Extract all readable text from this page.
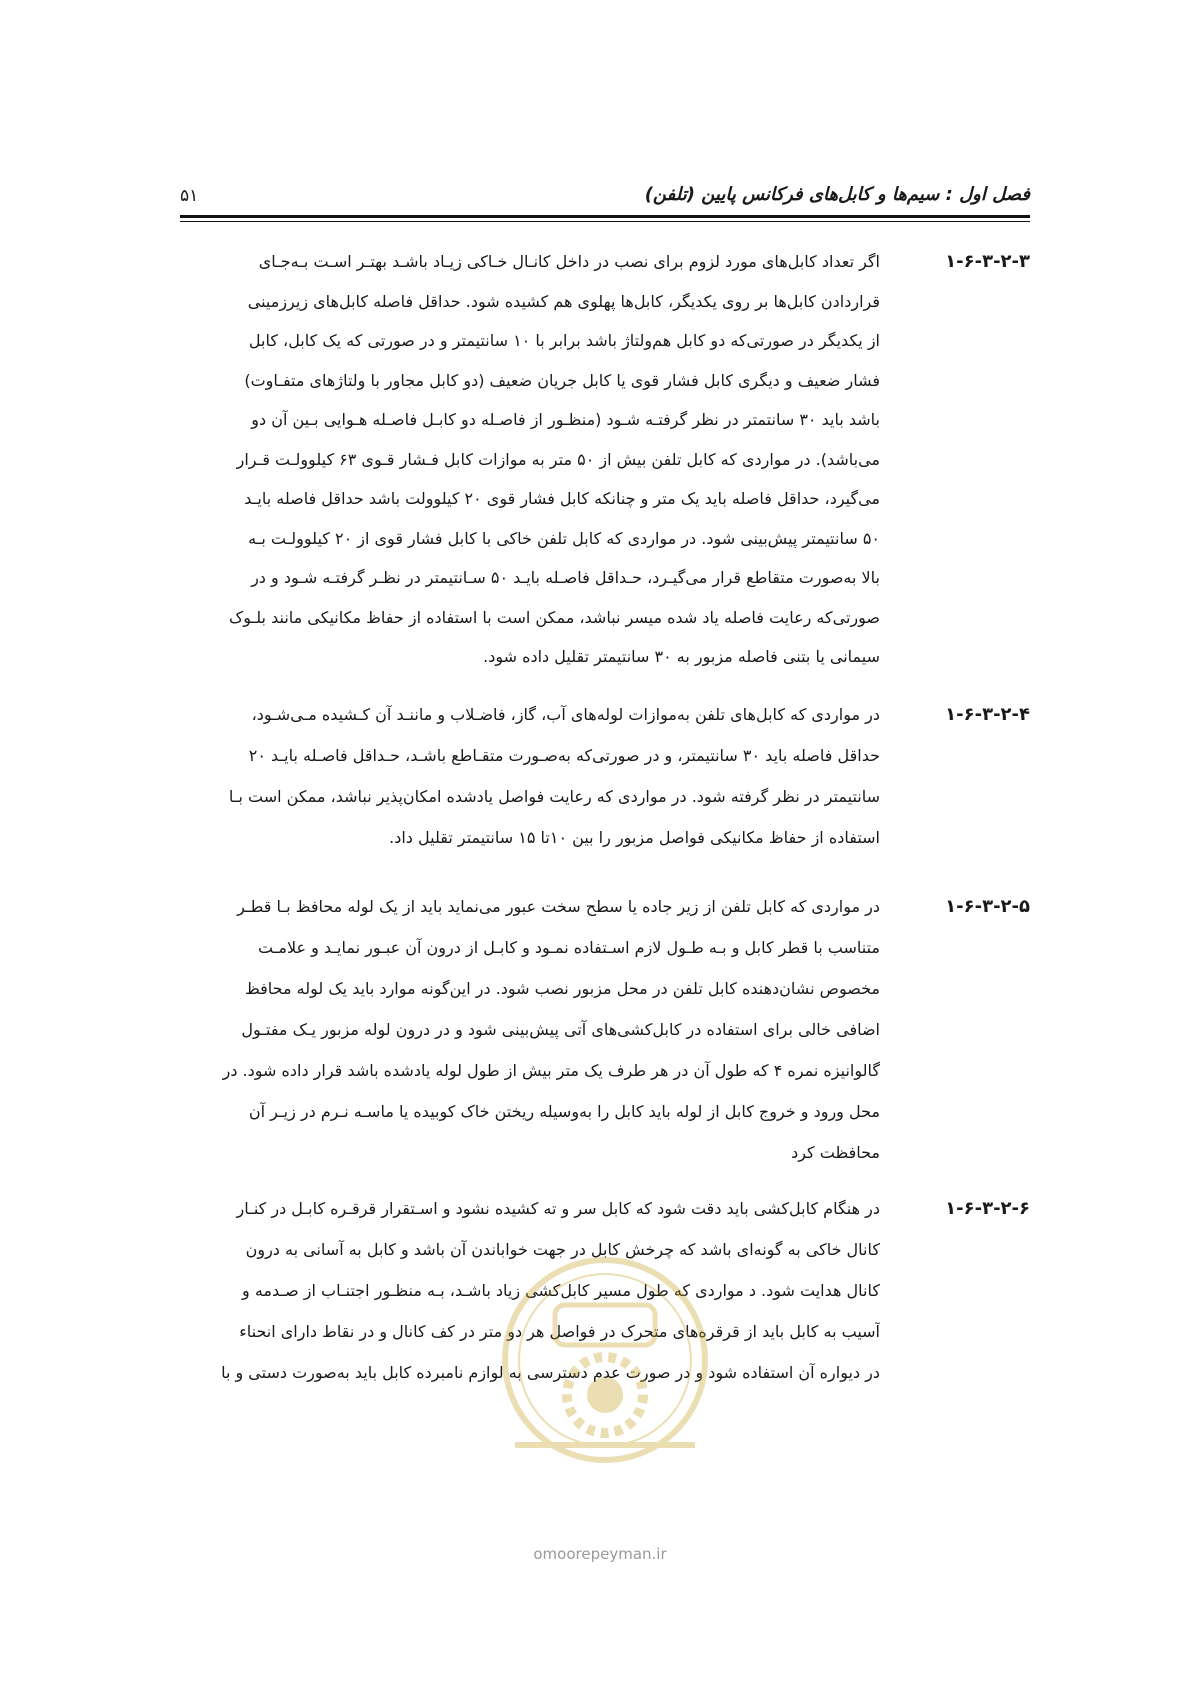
فصل اول : سیم‌ها و کابل‌های فرکانس پایین (تلفن)
۵۱
۱-۶-۳-۲-۳
اگر تعداد کابل‌های مورد لزوم برای نصب در داخل کانـال خـاکی زیـاد باشـد بهتـر اسـت بـه‌جـای
قراردادن کابل‌ها بر روی یکدیگر، کابل‌ها پهلوی هم کشیده شود. حداقل فاصله کابل‌های زیرزمینی
از یکدیگر در صورتی‌که دو کابل هم‌ولتاژ باشد برابر با ۱۰ سانتیمتر و در صورتی که یک کابل، کابل
فشار ضعیف و دیگری کابل فشار قوی یا کابل جریان ضعیف (دو کابل مجاور با ولتاژهای متفـاوت)
باشد باید ۳۰ سانتمتر در نظر گرفتـه شـود (منظـور از فاصـله دو کابـل فاصـله هـوایی بـین آن دو
می‌باشد). در مواردی که کابل تلفن بیش از ۵۰ متر به موازات کابل فـشار قـوی ۶۳ کیلوولـت قـرار
می‌گیرد، حداقل فاصله باید یک متر و چنانکه کابل فشار قوی ۲۰ کیلوولت باشد حداقل فاصله بایـد
۵۰ سانتیمتر پیش‌بینی شود. در مواردی که کابل تلفن خاکی با کابل فشار قوی از ۲۰ کیلوولـت بـه
بالا به‌صورت متقاطع قرار می‌گیـرد، حـداقل فاصـله بایـد ۵۰ سـانتیمتر در نظـر گرفتـه شـود و در
صورتی‌که رعایت فاصله یاد شده میسر نباشد، ممکن است با استفاده از حفاظ مکانیکی مانند بلـوک
سیمانی یا بتنی فاصله مزبور به ۳۰ سانتیمتر تقلیل داده شود.
۱-۶-۳-۲-۴
در مواردی که کابل‌های تلفن به‌موازات لوله‌های آب، گاز، فاضـلاب و ماننـد آن کـشیده مـی‌شـود،
حداقل فاصله باید ۳۰ سانتیمتر، و در صورتی‌که به‌صـورت متقـاطع باشـد، حـداقل فاصـله بایـد ۲۰
سانتیمتر در نظر گرفته شود. در مواردی که رعایت فواصل یادشده امکان‌پذیر نباشد، ممکن است بـا
استفاده از حفاظ مکانیکی فواصل مزبور را بین ۱۰تا ۱۵ سانتیمتر تقلیل داد.
۱-۶-۳-۲-۵
در مواردی که کابل تلفن از زیر جاده یا سطح سخت عبور می‌نماید باید از یک لوله محافظ بـا قطـر
متناسب با قطر کابل و بـه طـول لازم اسـتفاده نمـود و کابـل از درون آن عبـور نمایـد و علامـت
مخصوص نشان‌دهنده کابل تلفن در محل مزبور نصب شود. در این‌گونه موارد باید یک لوله محافظ
اضافی خالی برای استفاده در کابل‌کشی‌های آتی پیش‌بینی شود و در درون لوله مزبور یـک مفتـول
گالوانیزه نمره ۴ که طول آن در هر طرف یک متر بیش از طول لوله یادشده باشد قرار داده شود. در
محل ورود و خروج کابل از لوله باید کابل را به‌وسیله ریختن خاک کوبیده یا ماسـه نـرم در زیـر آن
محافظت کرد
۱-۶-۳-۲-۶
در هنگام کابل‌کشی باید دقت شود که کابل سر و ته کشیده نشود و اسـتقرار قرقـره کابـل در کنـار
کانال خاکی به گونه‌ای باشد که چرخش کابل در جهت خواباندن آن باشد و کابل به آسانی به درون
کانال هدایت شود. د مواردی که طول مسیر کابل‌کشی زیاد باشـد، بـه منظـور اجتنـاب از صـدمه و
آسیب به کابل باید از قرقره‌های متحرک در فواصل هر دو متر در کف کانال و در نقاط دارای انحناء
در دیواره آن استفاده شود و در صورت عدم دسترسی به لوازم نامبرده کابل باید به‌صورت دستی و با
omoorepeyman.ir
